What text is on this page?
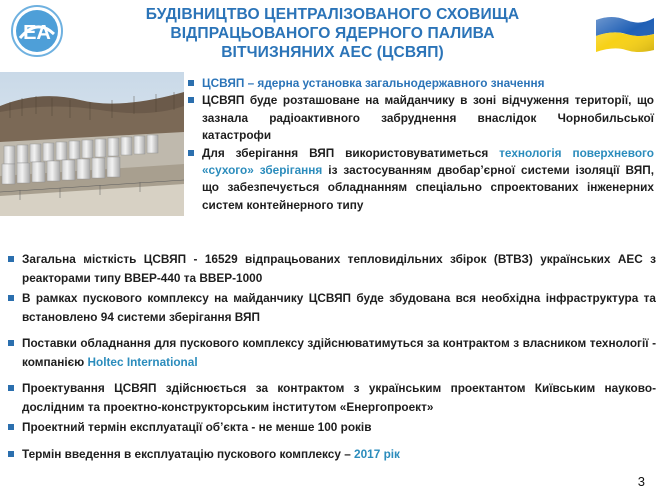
EA
БУДІВНИЦТВО ЦЕНТРАЛІЗОВАНОГО СХОВИЩА
ВІДПРАЦЬОВАНОГО ЯДЕРНОГО ПАЛИВА
ВІТЧИЗНЯНИХ АЕС (ЦСВЯП)
ЦСВЯП – ядерна установка загальнодержавного значення
ЦСВЯП буде розташоване на майданчику в зоні відчуження території, що зазнала радіоактивного забруднення внаслідок Чорнобильської катастрофи
Для зберігання ВЯП використовуватиметься технологія поверхневого «сухого» зберігання із застосуванням двобар’єрної системи ізоляції ВЯП, що забезпечується обладнанням спеціально спроектованих інженерних систем контейнерного типу
Загальна місткість ЦСВЯП - 16529 відпрацьованих тепловидільних збірок (ВТВЗ) українських АЕС з реакторами типу ВВЕР-440 та ВВЕР-1000
В рамках пускового комплексу на майданчику ЦСВЯП буде збудована вся необхідна інфраструктура та встановлено 94 системи зберігання ВЯП
Поставки обладнання для пускового комплексу здійснюватимуться за контрактом з власником технології - компанією Holtec International
Проектування ЦСВЯП здійснюється за контрактом з українським проектантом Київським науково-дослідним та проектно-конструкторським інститутом «Енергопроект»
Проектний термін експлуатації об’єкта - не менше 100 років
Термін введення в експлуатацію пускового комплексу – 2017 рік
3
